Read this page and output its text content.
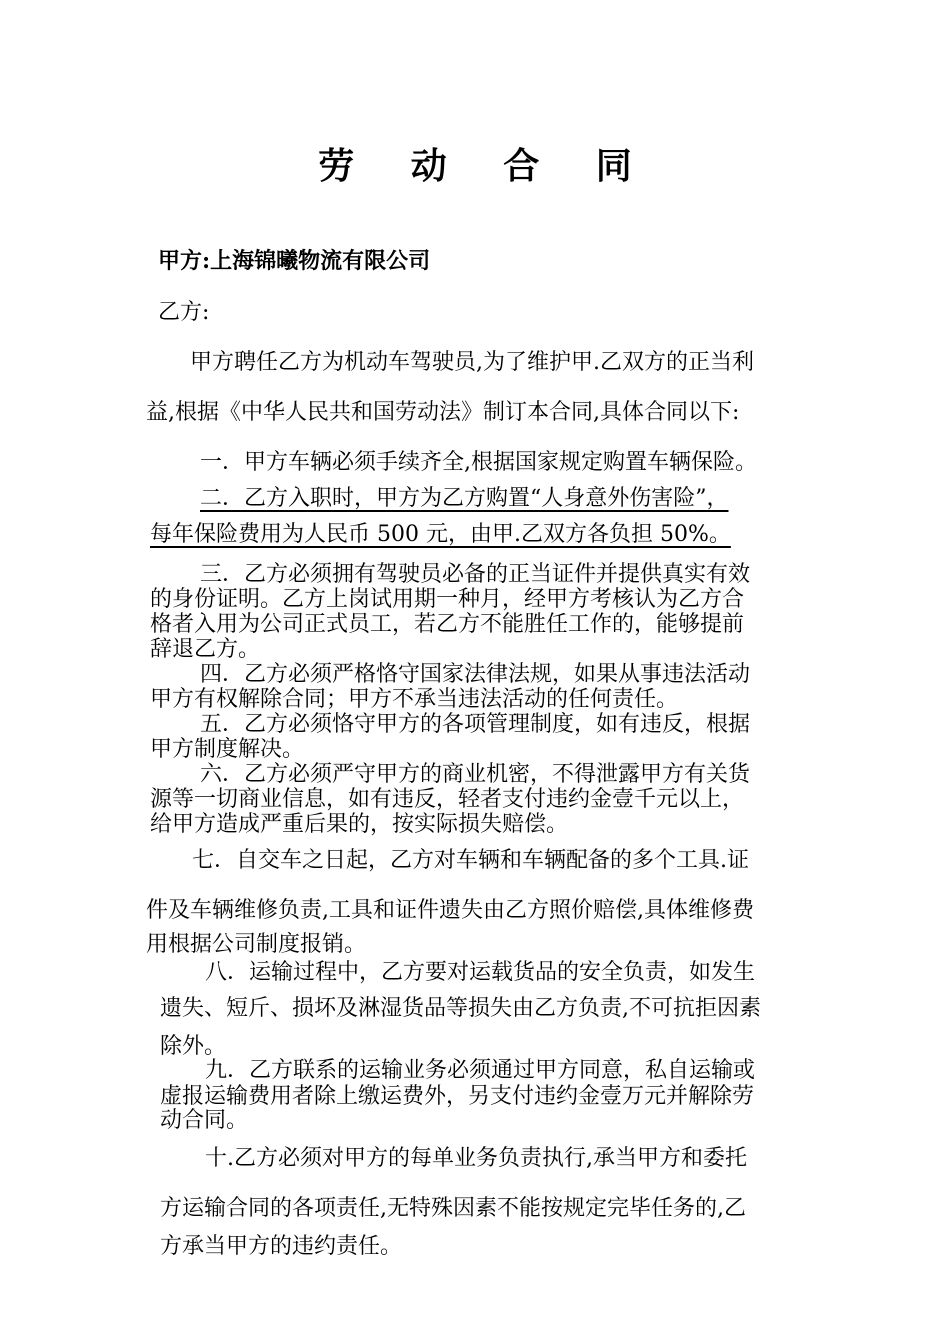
劳 动 合 同
甲方:上海锦曦物流有限公司
乙方:
甲方聘任乙方为机动车驾驶员,为了维护甲.乙双方的正当利
益,根据《中华人民共和国劳动法》制订本合同,具体合同以下:
一．甲方车辆必须手续齐全,根据国家规定购置车辆保险。
二．乙方入职时，甲方为乙方购置“人身意外伤害险”，
每年保险费用为人民币 500 元，由甲.乙双方各负担 50%。
三．乙方必须拥有驾驶员必备的正当证件并提供真实有效
的身份证明。乙方上岗试用期一种月，经甲方考核认为乙方合
格者入用为公司正式员工，若乙方不能胜任工作的，能够提前
辞退乙方。
四．乙方必须严格恪守国家法律法规，如果从事违法活动
甲方有权解除合同；甲方不承当违法活动的任何责任。
五．乙方必须恪守甲方的各项管理制度，如有违反，根据
甲方制度解决。
六．乙方必须严守甲方的商业机密，不得泄露甲方有关货
源等一切商业信息，如有违反，轻者支付违约金壹千元以上，
给甲方造成严重后果的，按实际损失赔偿。
七．自交车之日起，乙方对车辆和车辆配备的多个工具.证
件及车辆维修负责,工具和证件遗失由乙方照价赔偿,具体维修费
用根据公司制度报销。
八．运输过程中，乙方要对运载货品的安全负责，如发生
遗失、短斤、损坏及淋湿货品等损失由乙方负责,不可抗拒因素
除外。
九．乙方联系的运输业务必须通过甲方同意，私自运输或
虚报运输费用者除上缴运费外，另支付违约金壹万元并解除劳
动合同。
十.乙方必须对甲方的每单业务负责执行,承当甲方和委托
方运输合同的各项责任,无特殊因素不能按规定完毕任务的,乙
方承当甲方的违约责任。
